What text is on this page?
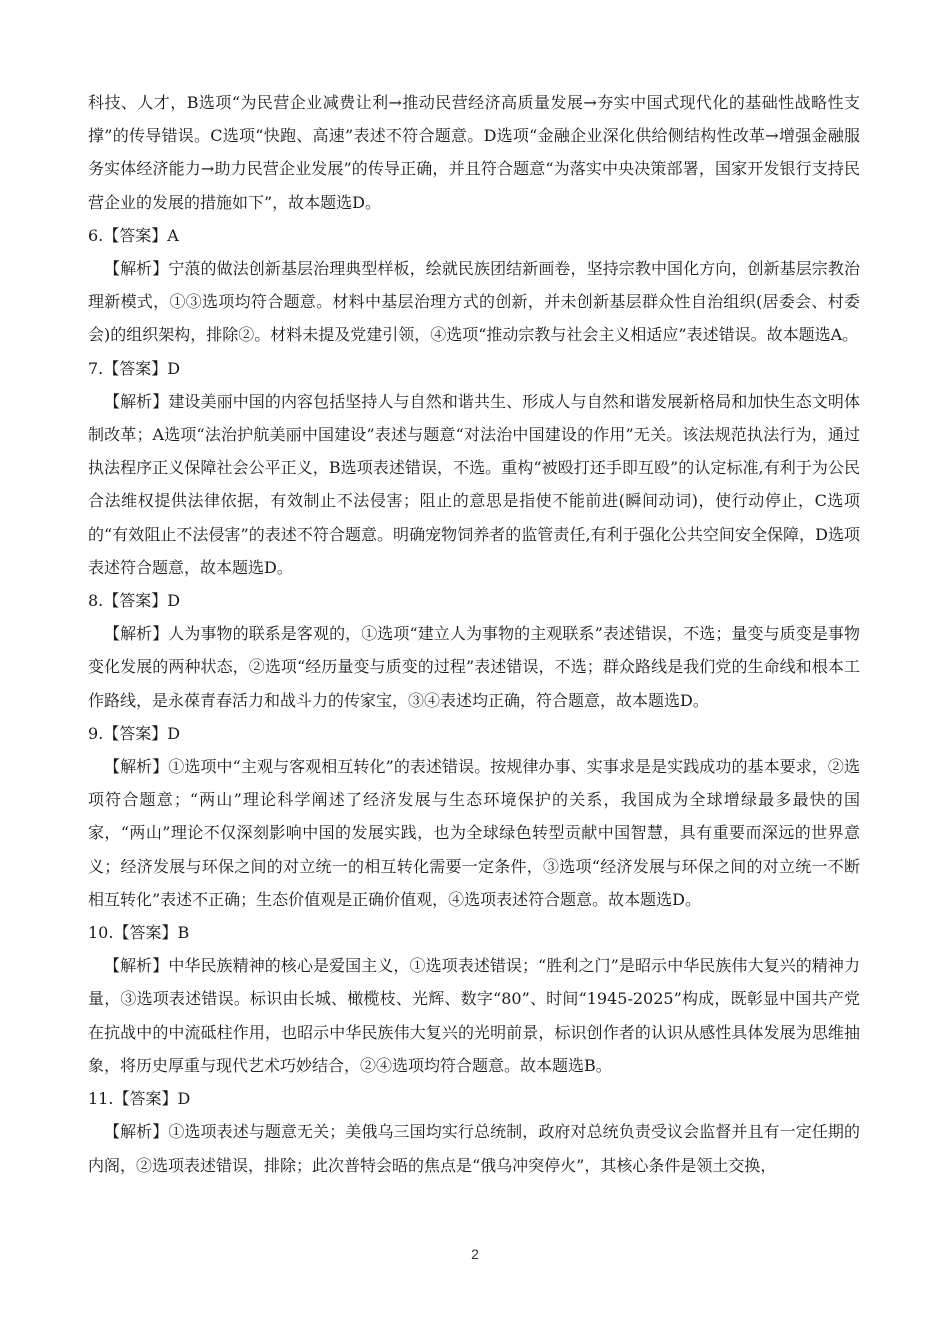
科技、人才，B选项“为民营企业减费让利→推动民营经济高质量发展→夯实中国式现代化的基础性战略性支撑”的传导错误。C选项“快跑、高速”表述不符合题意。D选项“金融企业深化供给侧结构性改革→增强金融服务实体经济能力→助力民营企业发展”的传导正确，并且符合题意“为落实中央决策部署，国家开发银行支持民营企业的发展的措施如下”，故本题选D。

6.【答案】A

【解析】宁蒗的做法创新基层治理典型样板，绘就民族团结新画卷，坚持宗教中国化方向，创新基层宗教治理新模式，①③选项均符合题意。材料中基层治理方式的创新，并未创新基层群众性自治组织(居委会、村委会)的组织架构，排除②。材料未提及党建引领，④选项“推动宗教与社会主义相适应”表述错误。故本题选A。

7.【答案】D

【解析】建设美丽中国的内容包括坚持人与自然和谐共生、形成人与自然和谐发展新格局和加快生态文明体制改革；A选项“法治护航美丽中国建设”表述与题意“对法治中国建设的作用”无关。该法规范执法行为，通过执法程序正义保障社会公平正义，B选项表述错误，不选。重构“被殴打还手即互殴”的认定标准,有利于为公民合法维权提供法律依据，有效制止不法侵害；阻止的意思是指使不能前进(瞬间动词)，使行动停止，C选项的“有效阻止不法侵害”的表述不符合题意。明确宠物饲养者的监管责任,有利于强化公共空间安全保障，D选项表述符合题意，故本题选D。

8.【答案】D

【解析】人为事物的联系是客观的，①选项“建立人为事物的主观联系”表述错误，不选；量变与质变是事物变化发展的两种状态，②选项“经历量变与质变的过程”表述错误，不选；群众路线是我们党的生命线和根本工作路线，是永葆青春活力和战斗力的传家宝，③④表述均正确，符合题意，故本题选D。

9.【答案】D

【解析】①选项中“主观与客观相互转化”的表述错误。按规律办事、实事求是是实践成功的基本要求，②选项符合题意；“两山”理论科学阐述了经济发展与生态环境保护的关系，我国成为全球增绿最多最快的国家，“两山”理论不仅深刻影响中国的发展实践，也为全球绿色转型贡献中国智慧，具有重要而深远的世界意义；经济发展与环保之间的对立统一的相互转化需要一定条件，③选项“经济发展与环保之间的对立统一不断相互转化”表述不正确；生态价值观是正确价值观，④选项表述符合题意。故本题选D。

10.【答案】B

【解析】中华民族精神的核心是爱国主义，①选项表述错误；“胜利之门”是昭示中华民族伟大复兴的精神力量，③选项表述错误。标识由长城、橄榄枝、光辉、数字“80”、时间“1945-2025”构成，既彰显中国共产党在抗战中的中流砥柱作用，也昭示中华民族伟大复兴的光明前景，标识创作者的认识从感性具体发展为思维抽象，将历史厚重与现代艺术巧妙结合，②④选项均符合题意。故本题选B。

11.【答案】D

【解析】①选项表述与题意无关；美俄乌三国均实行总统制，政府对总统负责受议会监督并且有一定任期的内阁，②选项表述错误，排除；此次普特会晤的焦点是“俄乌冲突停火”，其核心条件是领土交换，

2
